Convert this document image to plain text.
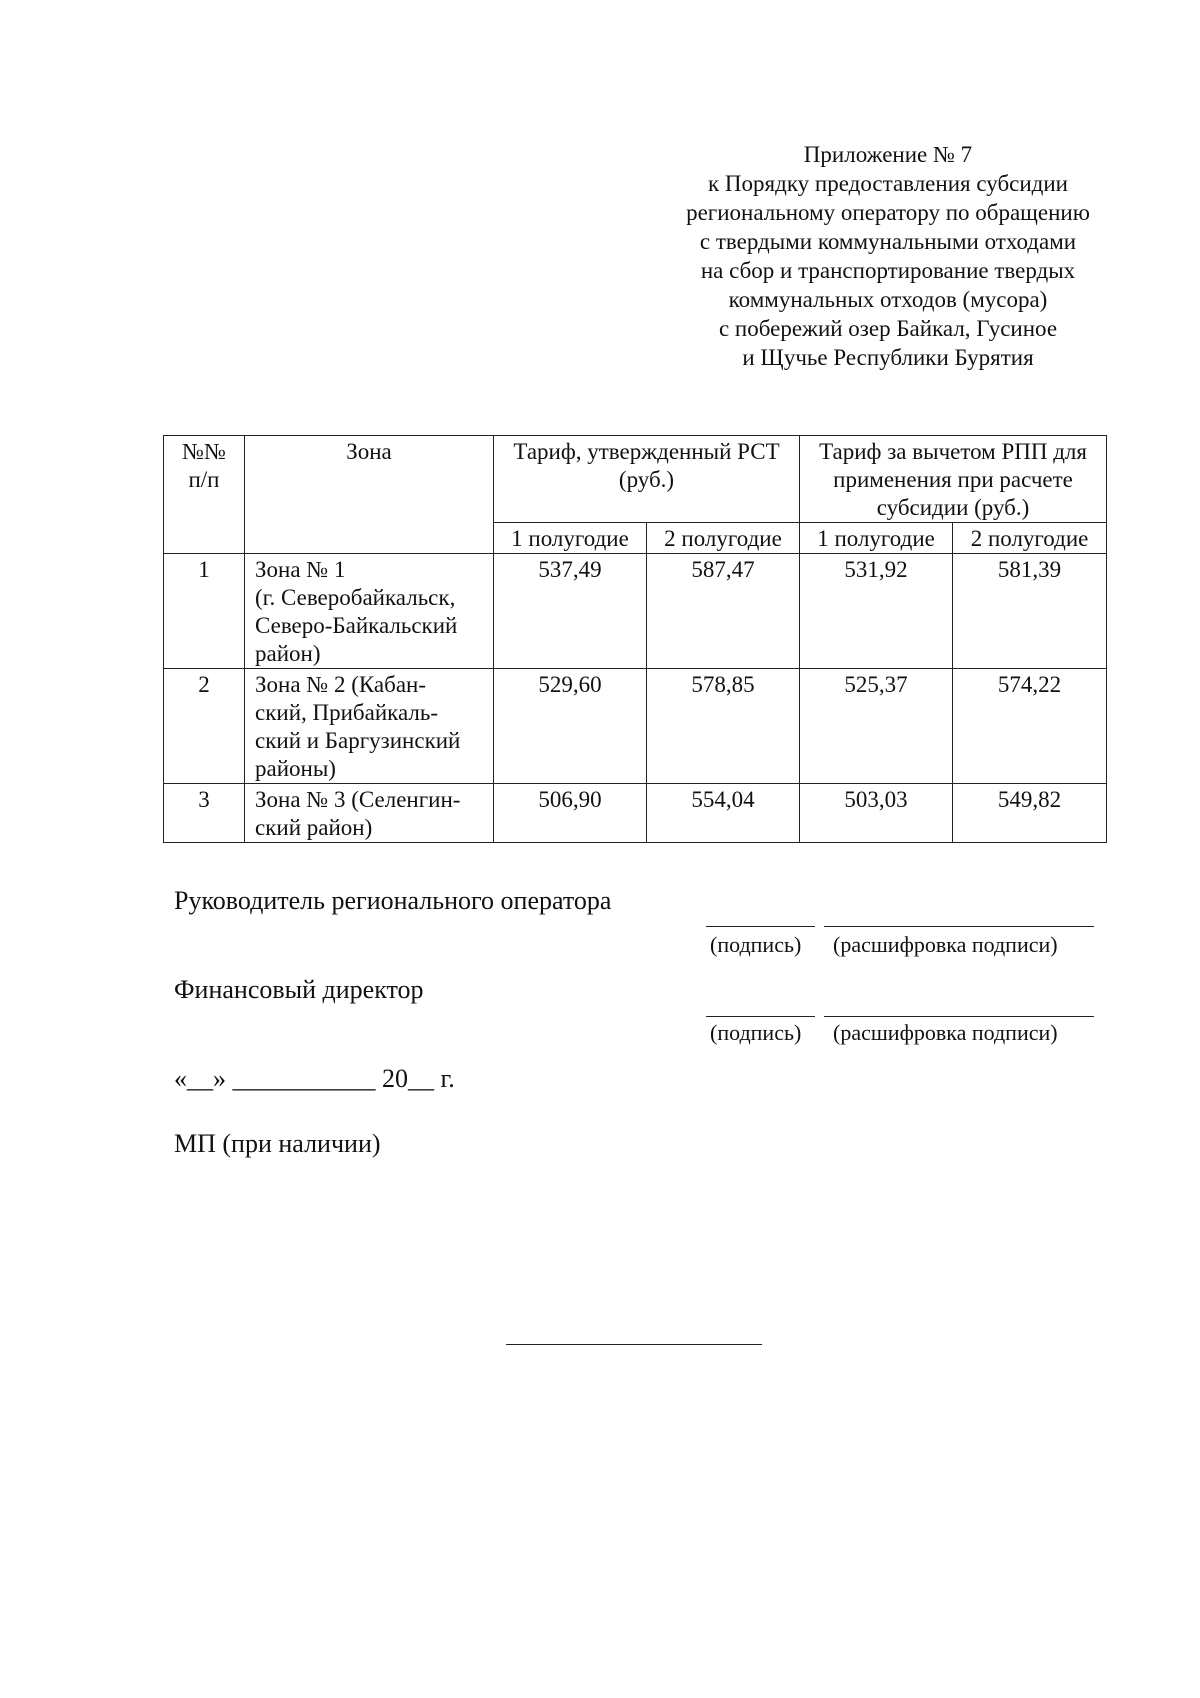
Приложение № 7
к Порядку предоставления субсидии
региональному оператору по обращению
с твердыми коммунальными отходами
на сбор и транспортирование твердых
коммунальных отходов (мусора)
с побережий озер Байкал, Гусиное
и Щучье Республики Бурятия
№№ п/п	Зона	Тариф, утвержденный РСТ (руб.)		Тариф за вычетом РПП для применения при расчете субсидии (руб.)	
		1 полугодие	2 полугодие	1 полугодие	2 полугодие
1	Зона № 1
(г. Северобайкальск,
Северо-Байкальский
район)	537,49	587,47	531,92	581,39
2	Зона № 2 (Кабан-
ский, Прибайкаль-
ский и Баргузинский
районы)	529,60	578,85	525,37	574,22
3	Зона № 3 (Селенгин-
ский район)	506,90	554,04	503,03	549,82
Руководитель регионального оператора
(подпись) (расшифровка подписи)
Финансовый директор
(подпись) (расшифровка подписи)
«__» ___________ 20__ г.
МП (при наличии)
